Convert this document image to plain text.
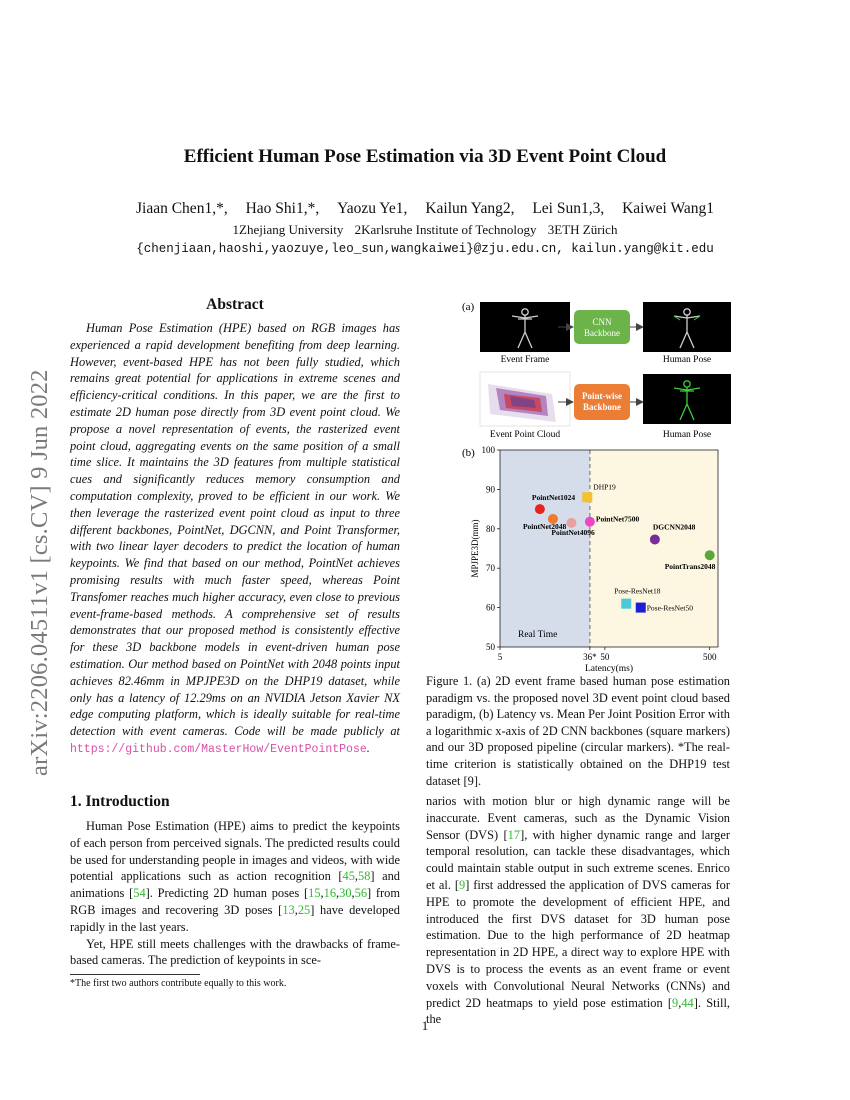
Efficient Human Pose Estimation via 3D Event Point Cloud
Jiaan Chen1,*, Hao Shi1,*, Yaozu Ye1, Kailun Yang2, Lei Sun1,3, Kaiwei Wang1
1Zhejiang University 2Karlsruhe Institute of Technology 3ETH Zürich
{chenjiaan,haoshi,yaozuye,leo_sun,wangkaiwei}@zju.edu.cn, kailun.yang@kit.edu
arXiv:2206.04511v1 [cs.CV] 9 Jun 2022
Abstract
Human Pose Estimation (HPE) based on RGB images has experienced a rapid development benefiting from deep learning. However, event-based HPE has not been fully studied, which remains great potential for applications in extreme scenes and efficiency-critical conditions. In this paper, we are the first to estimate 2D human pose directly from 3D event point cloud. We propose a novel representation of events, the rasterized event point cloud, aggregating events on the same position of a small time slice. It maintains the 3D features from multiple statistical cues and significantly reduces memory consumption and computation complexity, proved to be efficient in our work. We then leverage the rasterized event point cloud as input to three different backbones, PointNet, DGCNN, and Point Transformer, with two linear layer decoders to predict the location of human keypoints. We find that based on our method, PointNet achieves promising results with much faster speed, whereas Point Transfomer reaches much higher accuracy, even close to previous event-frame-based methods. A comprehensive set of results demonstrates that our proposed method is consistently effective for these 3D backbone models in event-driven human pose estimation. Our method based on PointNet with 2048 points input achieves 82.46mm in MPJPE3D on the DHP19 dataset, while only has a latency of 12.29ms on an NVIDIA Jetson Xavier NX edge computing platform, which is ideally suitable for real-time detection with event cameras. Code will be made publicly at https://github.com/MasterHow/EventPointPose.
1. Introduction

Human Pose Estimation (HPE) aims to predict the keypoints of each person from perceived signals. The predicted results could be used for understanding people in images and videos, with wide potential applications such as action recognition [45,58] and animations [54]. Predicting 2D human poses [15,16,30,56] from RGB images and recovering 3D poses [13,25] have developed rapidly in the last years.

Yet, HPE still meets challenges with the drawbacks of frame-based cameras. The prediction of keypoints in sce-

*The first two authors contribute equally to this work.
(a)
Event Frame
CNN
Backbone
Human Pose
Event Point Cloud
Point-wise
Backbone
Human Pose
(b)
50
60
70
80
90
100
5	36* 50	500
PointNet1024
PointNet2048
PointNet4096
DHP19
PointNet7500
DGCNN2048
PointTrans2048
Pose-ResNet18
Pose-ResNet50
Real Time
Latency(ms)
MPJPE3D(mm)
Figure 1. (a) 2D event frame based human pose estimation paradigm vs. the proposed novel 3D event point cloud based paradigm, (b) Latency vs. Mean Per Joint Position Error with a logarithmic x-axis of 2D CNN backbones (square markers) and our 3D proposed pipeline (circular markers). *The real-time criterion is statistically obtained on the DHP19 test dataset [9].
narios with motion blur or high dynamic range will be inaccurate. Event cameras, such as the Dynamic Vision Sensor (DVS) [17], with higher dynamic range and larger temporal resolution, can tackle these disadvantages, which could maintain stable output in such extreme scenes. Enrico et al. [9] first addressed the application of DVS cameras for HPE to promote the development of efficient HPE, and introduced the first DVS dataset for 3D human pose estimation. Due to the high performance of 2D heatmap representation in 2D HPE, a direct way to explore HPE with DVS is to process the events as an event frame or event voxels with Convolutional Neural Networks (CNNs) and predict 2D heatmaps to yield pose estimation [9,44]. Still, the
1
